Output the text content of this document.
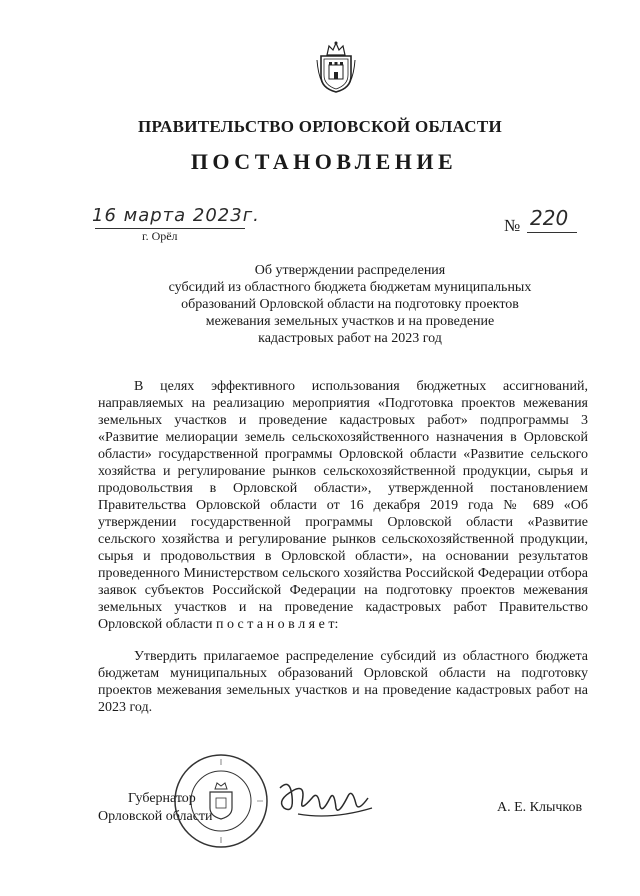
ПРАВИТЕЛЬСТВО ОРЛОВСКОЙ ОБЛАСТИ
ПОСТАНОВЛЕНИЕ
16 марта 2023г.
г. Орёл
№ 220
Об утверждении распределения
субсидий из областного бюджета бюджетам муниципальных
образований Орловской области на подготовку проектов
межевания земельных участков и на проведение
кадастровых работ на 2023 год

В целях эффективного использования бюджетных ассигнований, направляемых на реализацию мероприятия «Подготовка проектов межевания земельных участков и проведение кадастровых работ» подпрограммы 3 «Развитие мелиорации земель сельскохозяйственного назначения в Орловской области» государственной программы Орловской области «Развитие сельского хозяйства и регулирование рынков сельскохозяйственной продукции, сырья и продовольствия в Орловской области», утвержденной постановлением Правительства Орловской области от 16 декабря 2019 года № 689 «Об утверждении государственной программы Орловской области «Развитие сельского хозяйства и регулирование рынков сельскохозяйственной продукции, сырья и продовольствия в Орловской области», на основании результатов проведенного Министерством сельского хозяйства Российской Федерации отбора заявок субъектов Российской Федерации на подготовку проектов межевания земельных участков и на проведение кадастровых работ Правительство Орловской области п о с т а н о в л я е т:

Утвердить прилагаемое распределение субсидий из областного бюджета бюджетам муниципальных образований Орловской области на подготовку проектов межевания земельных участков и на проведение кадастровых работ на 2023 год.

Губернатор
Орловской области
А. Е. Клычков
